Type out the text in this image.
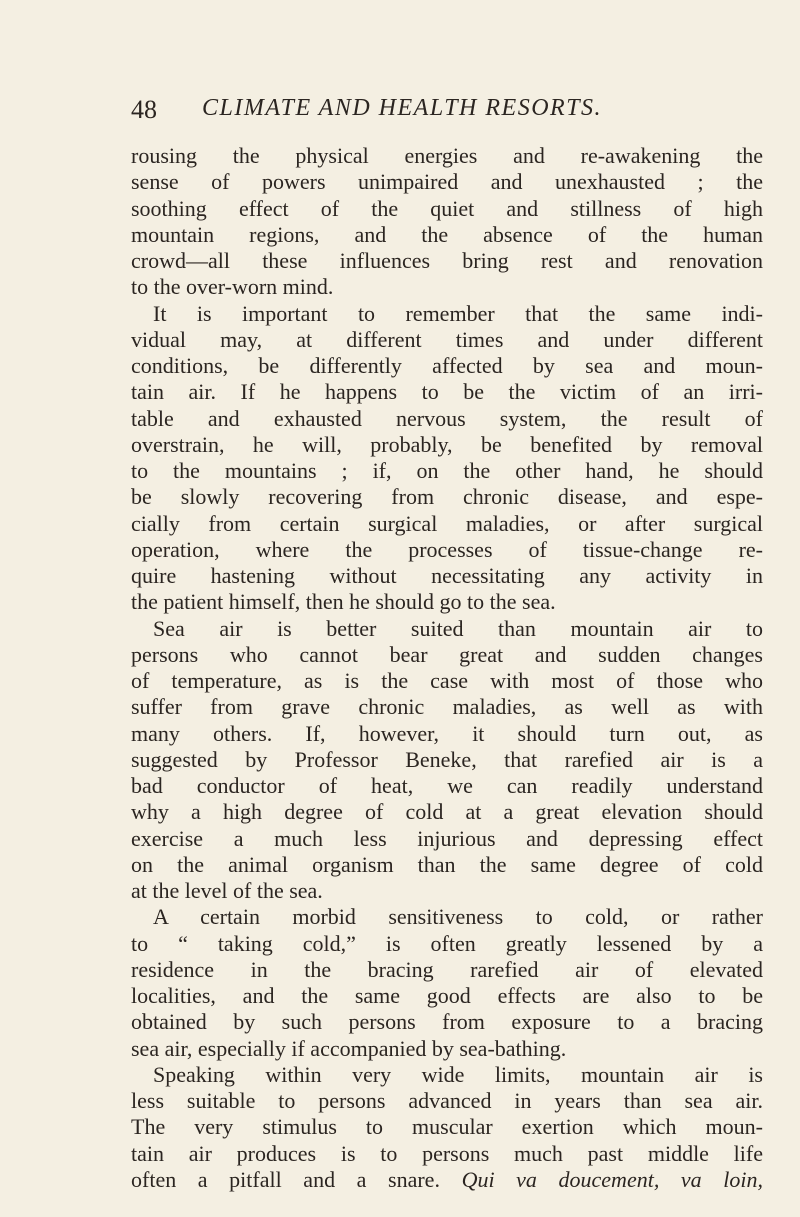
48 CLIMATE AND HEALTH RESORTS.
rousing the physical energies and re-awakening the
sense of powers unimpaired and unexhausted ; the
soothing effect of the quiet and stillness of high
mountain regions, and the absence of the human
crowd—all these influences bring rest and renovation
to the over-worn mind.
It is important to remember that the same indi-
vidual may, at different times and under different
conditions, be differently affected by sea and moun-
tain air. If he happens to be the victim of an irri-
table and exhausted nervous system, the result of
overstrain, he will, probably, be benefited by removal
to the mountains ; if, on the other hand, he should
be slowly recovering from chronic disease, and espe-
cially from certain surgical maladies, or after surgical
operation, where the processes of tissue-change re-
quire hastening without necessitating any activity in
the patient himself, then he should go to the sea.
Sea air is better suited than mountain air to
persons who cannot bear great and sudden changes
of temperature, as is the case with most of those who
suffer from grave chronic maladies, as well as with
many others. If, however, it should turn out, as
suggested by Professor Beneke, that rarefied air is a
bad conductor of heat, we can readily understand
why a high degree of cold at a great elevation should
exercise a much less injurious and depressing effect
on the animal organism than the same degree of cold
at the level of the sea.
A certain morbid sensitiveness to cold, or rather
to “ taking cold,” is often greatly lessened by a
residence in the bracing rarefied air of elevated
localities, and the same good effects are also to be
obtained by such persons from exposure to a bracing
sea air, especially if accompanied by sea-bathing.
Speaking within very wide limits, mountain air is
less suitable to persons advanced in years than sea air.
The very stimulus to muscular exertion which moun-
tain air produces is to persons much past middle life
often a pitfall and a snare. Qui va doucement, va loin,
